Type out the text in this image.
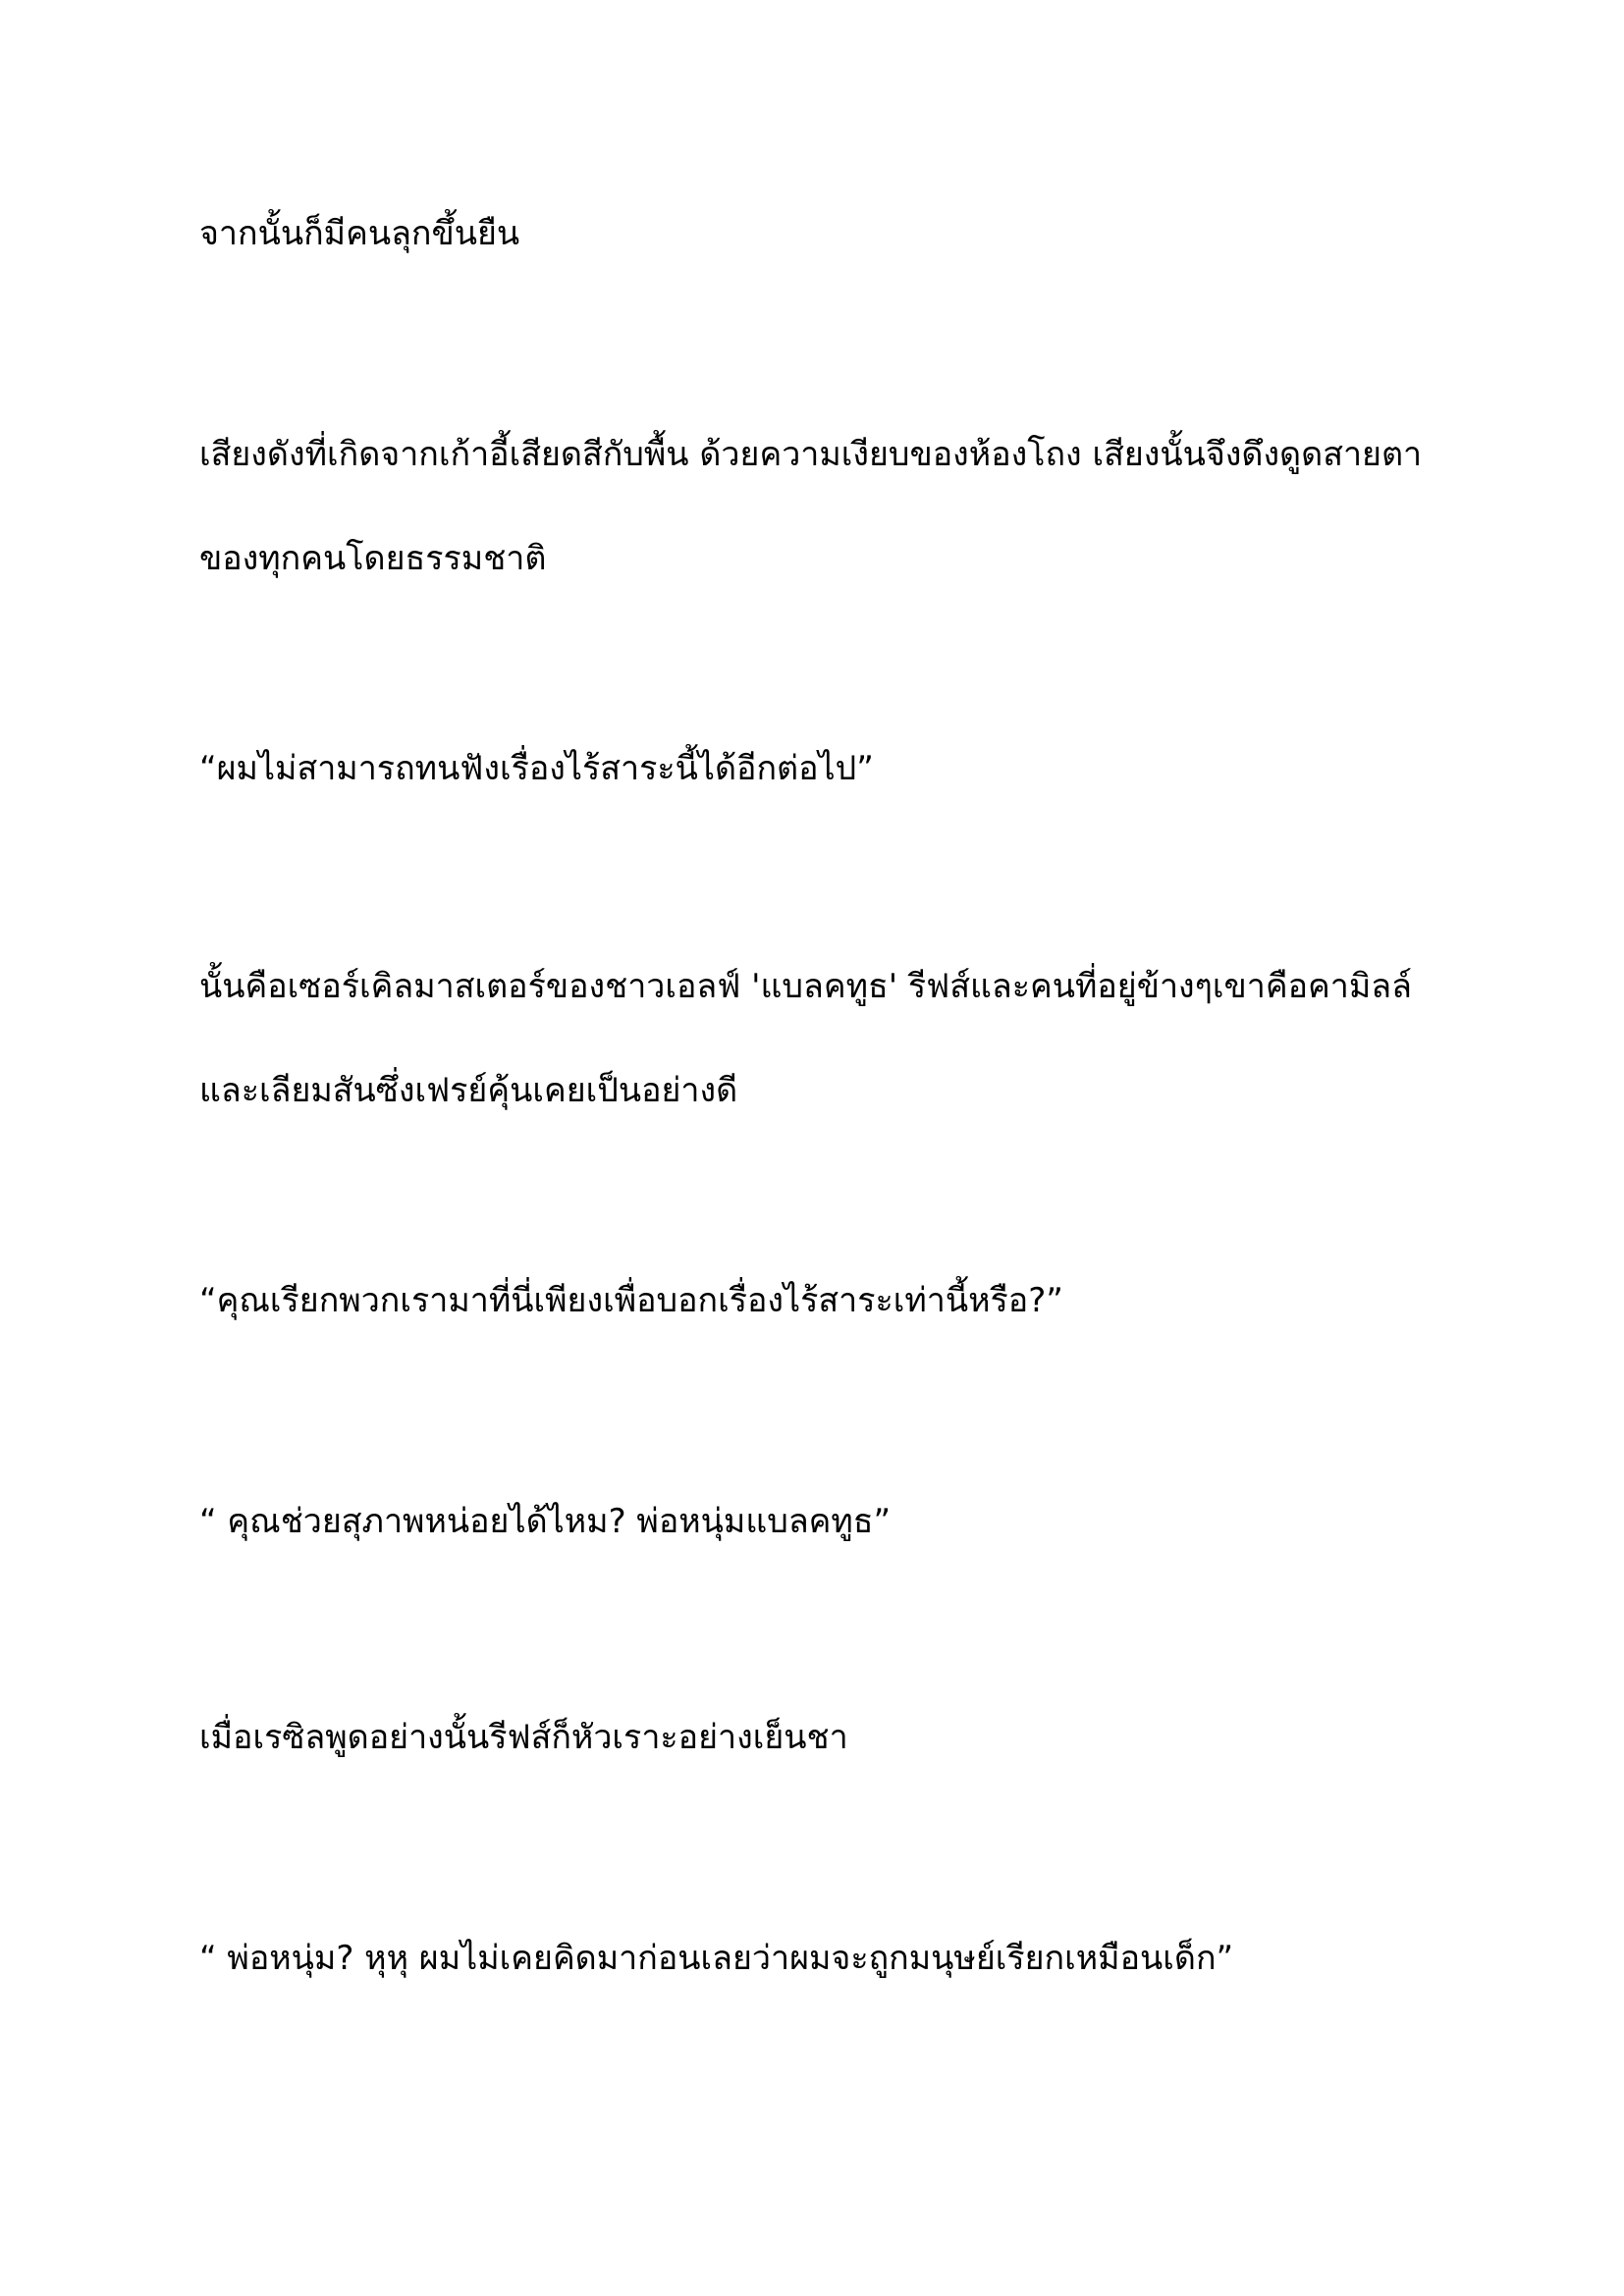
จากนั้นก็มีคนลุกขึ้นยืน

เสียงดังที่เกิดจากเก้าอี้เสียดสีกับพื้น ด้วยความเงียบของห้องโถง เสียงนั้นจึงดึงดูดสายตาของทุกคนโดยธรรมชาติ

“ผมไม่สามารถทนฟังเรื่องไร้สาระนี้ได้อีกต่อไป”

นั้นคือเซอร์เคิลมาสเตอร์ของชาวเอลฟ์ 'แบลคทูธ' รีฟส์และคนที่อยู่ข้างๆเขาคือคามิลล์และเลียมสันซึ่งเฟรย์คุ้นเคยเป็นอย่างดี

“คุณเรียกพวกเรามาที่นี่เพียงเพื่อบอกเรื่องไร้สาระเท่านี้หรือ?”

“ คุณช่วยสุภาพหน่อยได้ไหม? พ่อหนุ่มแบลคทูธ”

เมื่อเรซิลพูดอย่างนั้นรีฟส์ก็หัวเราะอย่างเย็นชา

“ พ่อหนุ่ม? หุหุ ผมไม่เคยคิดมาก่อนเลยว่าผมจะถูกมนุษย์เรียกเหมือนเด็ก”
